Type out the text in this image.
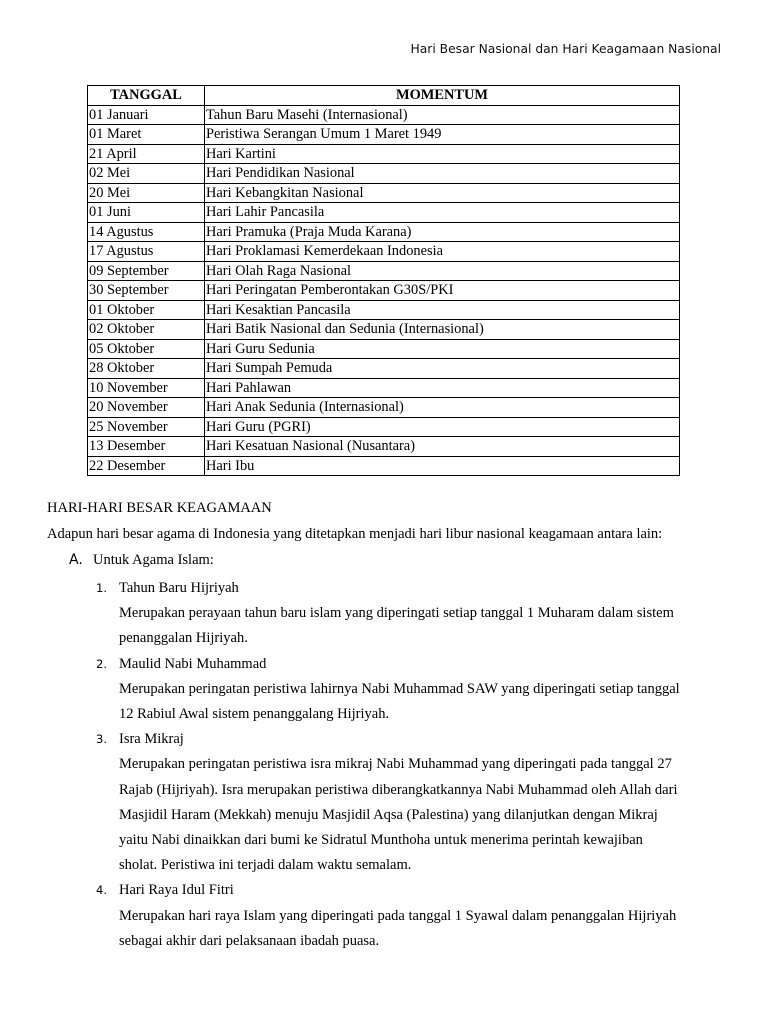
Hari Besar Nasional dan Hari Keagamaan Nasional
TANGGAL	MOMENTUM
01 Januari	Tahun Baru Masehi (Internasional)
01 Maret	Peristiwa Serangan Umum 1 Maret 1949
21 April	Hari Kartini
02 Mei	Hari Pendidikan Nasional
20 Mei	Hari Kebangkitan Nasional
01 Juni	Hari Lahir Pancasila
14 Agustus	Hari Pramuka (Praja Muda Karana)
17 Agustus	Hari Proklamasi Kemerdekaan Indonesia
09 September	Hari Olah Raga Nasional
30 September	Hari Peringatan Pemberontakan G30S/PKI
01 Oktober	Hari Kesaktian Pancasila
02 Oktober	Hari Batik Nasional dan Sedunia (Internasional)
05 Oktober	Hari Guru Sedunia
28 Oktober	Hari Sumpah Pemuda
10 November	Hari Pahlawan
20 November	Hari Anak Sedunia (Internasional)
25 November	Hari Guru (PGRI)
13 Desember	Hari Kesatuan Nasional (Nusantara)
22 Desember	Hari Ibu
HARI-HARI BESAR KEAGAMAAN
Adapun hari besar agama di Indonesia yang ditetapkan menjadi hari libur nasional keagamaan antara lain:
A. Untuk Agama Islam:
1. Tahun Baru Hijriyah
Merupakan perayaan tahun baru islam yang diperingati setiap tanggal 1 Muharam dalam sistem
penanggalan Hijriyah.
2. Maulid Nabi Muhammad
Merupakan peringatan peristiwa lahirnya Nabi Muhammad SAW yang diperingati setiap tanggal
12 Rabiul Awal sistem penanggalang Hijriyah.
3. Isra Mikraj
Merupakan peringatan peristiwa isra mikraj Nabi Muhammad yang diperingati pada tanggal 27
Rajab (Hijriyah). Isra merupakan peristiwa diberangkatkannya Nabi Muhammad oleh Allah dari
Masjidil Haram (Mekkah) menuju Masjidil Aqsa (Palestina) yang dilanjutkan dengan Mikraj
yaitu Nabi dinaikkan dari bumi ke Sidratul Munthoha untuk menerima perintah kewajiban
sholat. Peristiwa ini terjadi dalam waktu semalam.
4. Hari Raya Idul Fitri
Merupakan hari raya Islam yang diperingati pada tanggal 1 Syawal dalam penanggalan Hijriyah
sebagai akhir dari pelaksanaan ibadah puasa.
